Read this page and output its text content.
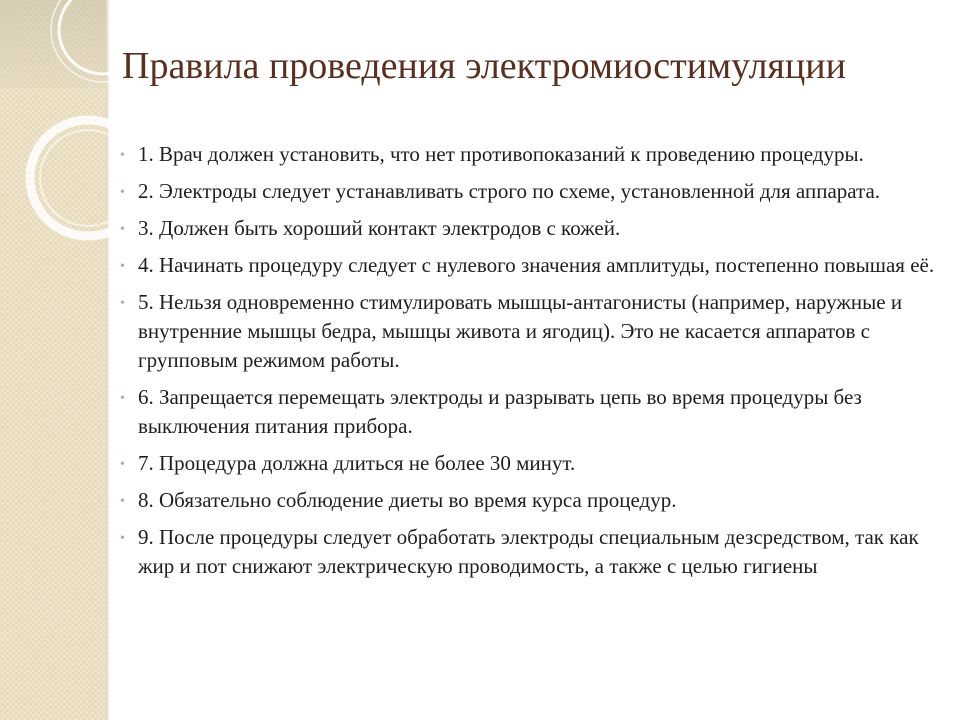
Правила проведения электромиостимуляции
• 1. Врач должен установить, что нет противопоказаний к проведению процедуры.
• 2. Электроды следует устанавливать строго по схеме, установленной для аппарата.
• 3. Должен быть хороший контакт электродов с кожей.
• 4. Начинать процедуру следует с нулевого значения амплитуды, постепенно повышая её.
• 5. Нельзя одновременно стимулировать мышцы-антагонисты (например, наружные и внутренние мышцы бедра, мышцы живота и ягодиц). Это не касается аппаратов с групповым режимом работы.
• 6. Запрещается перемещать электроды и разрывать цепь во время процедуры без выключения питания прибора.
• 7. Процедура должна длиться не более 30 минут.
• 8. Обязательно соблюдение диеты во время курса процедур.
• 9. После процедуры следует обработать электроды специальным дезсредством, так как жир и пот снижают электрическую проводимость, а также с целью гигиены
